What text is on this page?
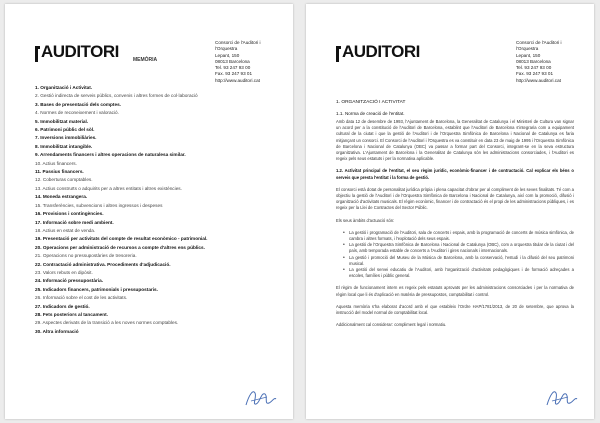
AUDITORI	MEMÒRIA
Consorci de l'Auditori i
l'Orquestra
Lepant, 150
08013 Barcelona
Tel. 93 247 93 00
Fax. 93 247 93 01
http://www.auditori.cat
1. Organització i Activitat.
2. Gestió indirecta de serveis públics, convenis i altres formes de col·laboració
3. Bases de presentació dels comptes.
4. Normes de reconeixement i valoració.
5. Immobilitzat material.
6. Patrimoni públic del sòl.
7. Inversions immobiliàries.
8. Immobilitzat intangible.
9. Arrendaments financers i altres operacions de naturalesa similar.
10. Actius financers.
11. Passius financers.
12. Coberturas comptables.
13. Actius construïts o adquirits per a altres entitats i altres existències.
14. Moneda estrangera.
15. Transferències, subvencions i altres ingressos i despeses
16. Provisions i contingències.
17. Informació sobre medi ambient.
18. Actius en estat de venda.
19. Presentació per activitats del compte de resultat econòmico - patrimonial.
20. Operacions per administració de recursos a compte d'altres ens públics.
21. Operacions no pressupostàries de tresoreria.
22. Contractació administrativa. Procediments d'adjudicació.
23. Valors rebuts en dipòsit.
24. Informació pressupostària.
25. Indicadors financers, patrimonials i pressupostaris.
26. Informació sobre el cost de les activitats.
27. Indicadors de gestió.
28. Fets posteriors al tancament.
29. Aspectes derivats de la transició a les noves normes comptables.
30. Altra informació
AUDITORI	Consorci de l'Auditori i
l'Orquestra
Lepant, 150
08013 Barcelona
Tel. 93 247 93 00
Fax. 93 247 93 01
http://www.auditori.cat
1. ORGANITZACIÓ I ACTIVITAT
1.1. Norma de creació de l'entitat.

Amb data 12 de desembre de 1993, l'Ajuntament de Barcelona, la Generalitat de Catalunya i el Ministeri de Cultura van signar un acord per a la constitució de l'Auditori de Barcelona, establint que l'Auditori de Barcelona s'integraria com a equipament cultural de la ciutat i que la gestió de l'Auditori i de l'Orquestra Simfònica de Barcelona i Nacional de Catalunya es faria mitjançant un consorci. El Consorci de l'Auditori i l'Orquestra es va constituir en data 23 de maig de 1995 i l'Orquestra Simfònica de Barcelona i Nacional de Catalunya (OBC) va passar a formar part del Consorci, integrant-se en la seva estructura organitzativa. L'Ajuntament de Barcelona i la Generalitat de Catalunya són les administracions consorciades, i l'Auditori es regeix pels seus estatuts i per la normativa aplicable.

1.2. Activitat principal de l'entitat, el seu règim jurídic, econòmic-financer i de contractació. Cal explicar els béns o serveis que presta l'entitat i la forma de gestió.

El consorci està dotat de personalitat jurídica pròpia i plena capacitat d'obrar per al compliment de les seves finalitats. Té com a objectiu la gestió de l'Auditori i de l'Orquestra Simfònica de Barcelona i Nacional de Catalunya, així com la promoció, difusió i organització d'activitats musicals. El règim econòmic, financer i de contractació és el propi de les administracions públiques, i es regeix per la Llei de Contractes del Sector Públic.

Els seus àmbits d'actuació són:

• La gestió i programació de l'Auditori, sala de concerts i espais, amb la programació de concerts de música simfònica, de cambra i altres formats, i l'explotació dels seus espais.
• La gestió de l'Orquestra Simfònica de Barcelona i Nacional de Catalunya (OBC), com a orquestra titular de la ciutat i del país, amb temporada estable de concerts a l'Auditori i gires nacionals i internacionals.
• La gestió i promoció del Museu de la Música de Barcelona, amb la conservació, l'estudi i la difusió del seu patrimoni musical.
• La gestió del servei educatiu de l'Auditori, amb l'organització d'activitats pedagògiques i de formació adreçades a escoles, famílies i públic general.

El règim de funcionament intern es regeix pels estatuts aprovats per les administracions consorciades i per la normativa de règim local que li és d'aplicació en matèria de pressupostos, comptabilitat i control.

Aquesta memòria s'ha elaborat d'acord amb el que estableix l'Ordre HAP/1781/2013, de 20 de setembre, que aprova la instrucció del model normal de comptabilitat local.

Addicionalment cal considerar: compliment legal i normatiu.
